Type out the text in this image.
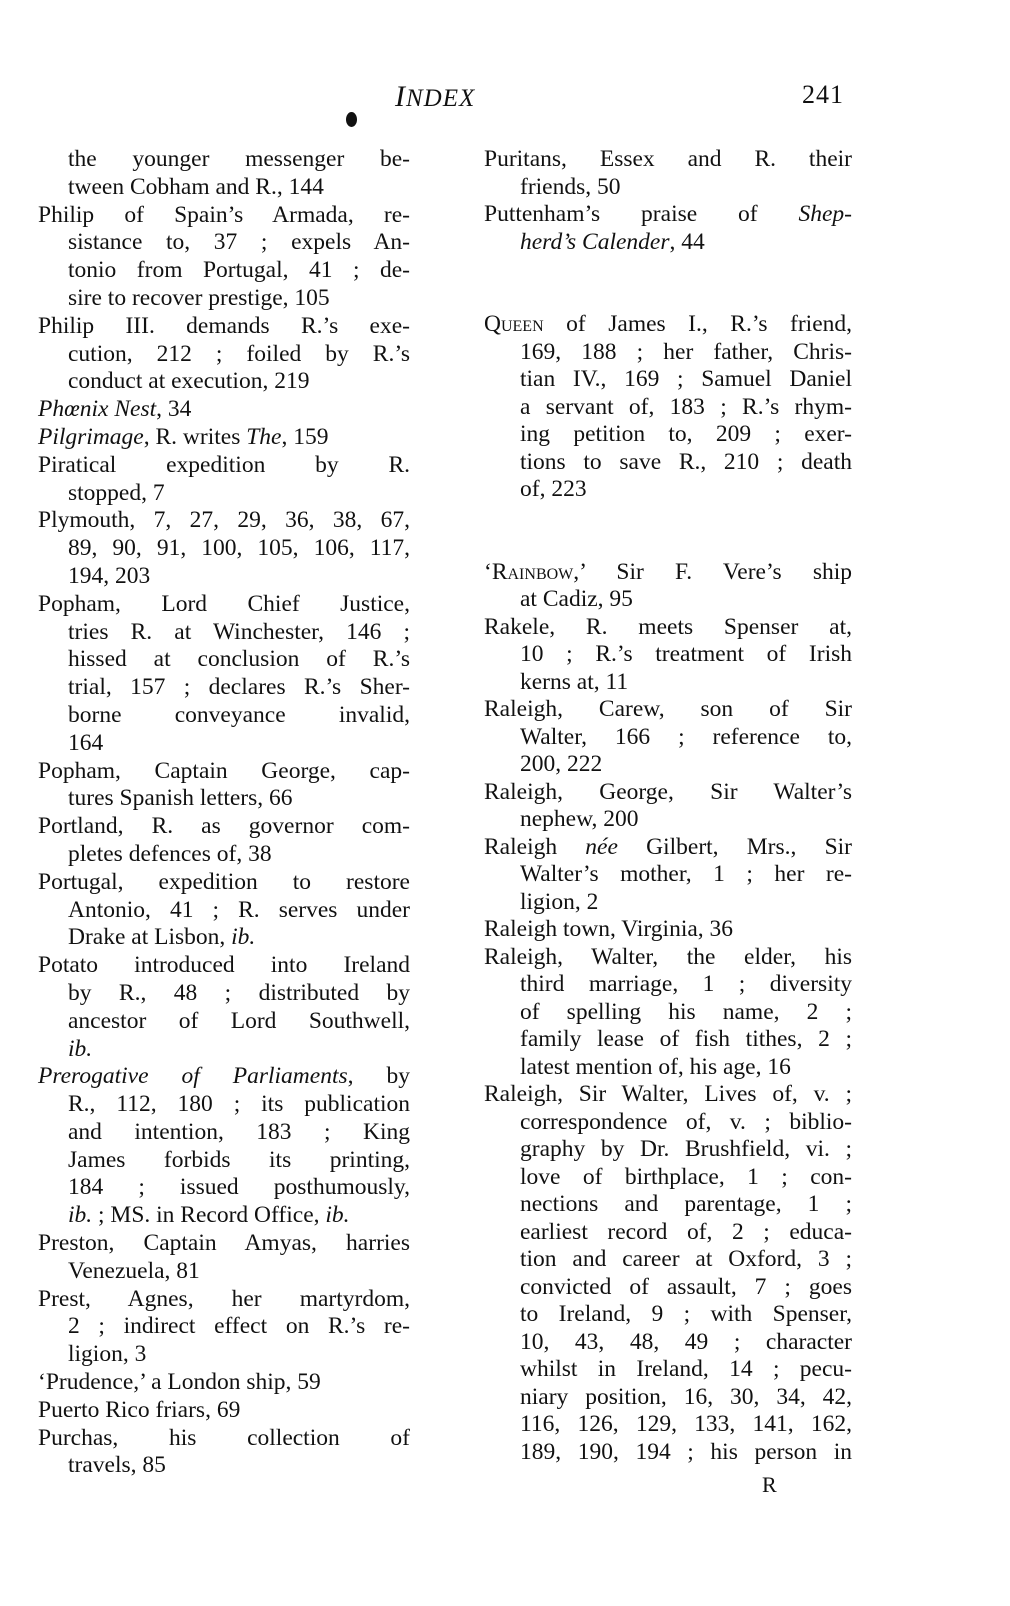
INDEX	241
the younger messenger be-
tween Cobham and R., 144
Philip of Spain’s Armada, re-
sistance to, 37 ; expels An-
tonio from Portugal, 41 ; de-
sire to recover prestige, 105
Philip III. demands R.’s exe-
cution, 212 ; foiled by R.’s
conduct at execution, 219
Phœnix Nest, 34
Pilgrimage, R. writes The, 159
Piratical expedition by R.
stopped, 7
Plymouth, 7, 27, 29, 36, 38, 67,
89, 90, 91, 100, 105, 106, 117,
194, 203
Popham, Lord Chief Justice,
tries R. at Winchester, 146 ;
hissed at conclusion of R.’s
trial, 157 ; declares R.’s Sher-
borne conveyance invalid,
164
Popham, Captain George, cap-
tures Spanish letters, 66
Portland, R. as governor com-
pletes defences of, 38
Portugal, expedition to restore
Antonio, 41 ; R. serves under
Drake at Lisbon, ib.
Potato introduced into Ireland
by R., 48 ; distributed by
ancestor of Lord Southwell,
ib.
Prerogative of Parliaments, by
R., 112, 180 ; its publication
and intention, 183 ; King
James forbids its printing,
184 ; issued posthumously,
ib. ; MS. in Record Office, ib.
Preston, Captain Amyas, harries
Venezuela, 81
Prest, Agnes, her martyrdom,
2 ; indirect effect on R.’s re-
ligion, 3
‘Prudence,’ a London ship, 59
Puerto Rico friars, 69
Purchas, his collection of
travels, 85
Puritans, Essex and R. their
friends, 50
Puttenham’s praise of Shep-
herd’s Calender, 44
Queen of James I., R.’s friend,
169, 188 ; her father, Chris-
tian IV., 169 ; Samuel Daniel
a servant of, 183 ; R.’s rhym-
ing petition to, 209 ; exer-
tions to save R., 210 ; death
of, 223
‘Rainbow,’ Sir F. Vere’s ship
at Cadiz, 95
Rakele, R. meets Spenser at,
10 ; R.’s treatment of Irish
kerns at, 11
Raleigh, Carew, son of Sir
Walter, 166 ; reference to,
200, 222
Raleigh, George, Sir Walter’s
nephew, 200
Raleigh née Gilbert, Mrs., Sir
Walter’s mother, 1 ; her re-
ligion, 2
Raleigh town, Virginia, 36
Raleigh, Walter, the elder, his
third marriage, 1 ; diversity
of spelling his name, 2 ;
family lease of fish tithes, 2 ;
latest mention of, his age, 16
Raleigh, Sir Walter, Lives of, v. ;
correspondence of, v. ; biblio-
graphy by Dr. Brushfield, vi. ;
love of birthplace, 1 ; con-
nections and parentage, 1 ;
earliest record of, 2 ; educa-
tion and career at Oxford, 3 ;
convicted of assault, 7 ; goes
to Ireland, 9 ; with Spenser,
10, 43, 48, 49 ; character
whilst in Ireland, 14 ; pecu-
niary position, 16, 30, 34, 42,
116, 126, 129, 133, 141, 162,
189, 190, 194 ; his person in
R
